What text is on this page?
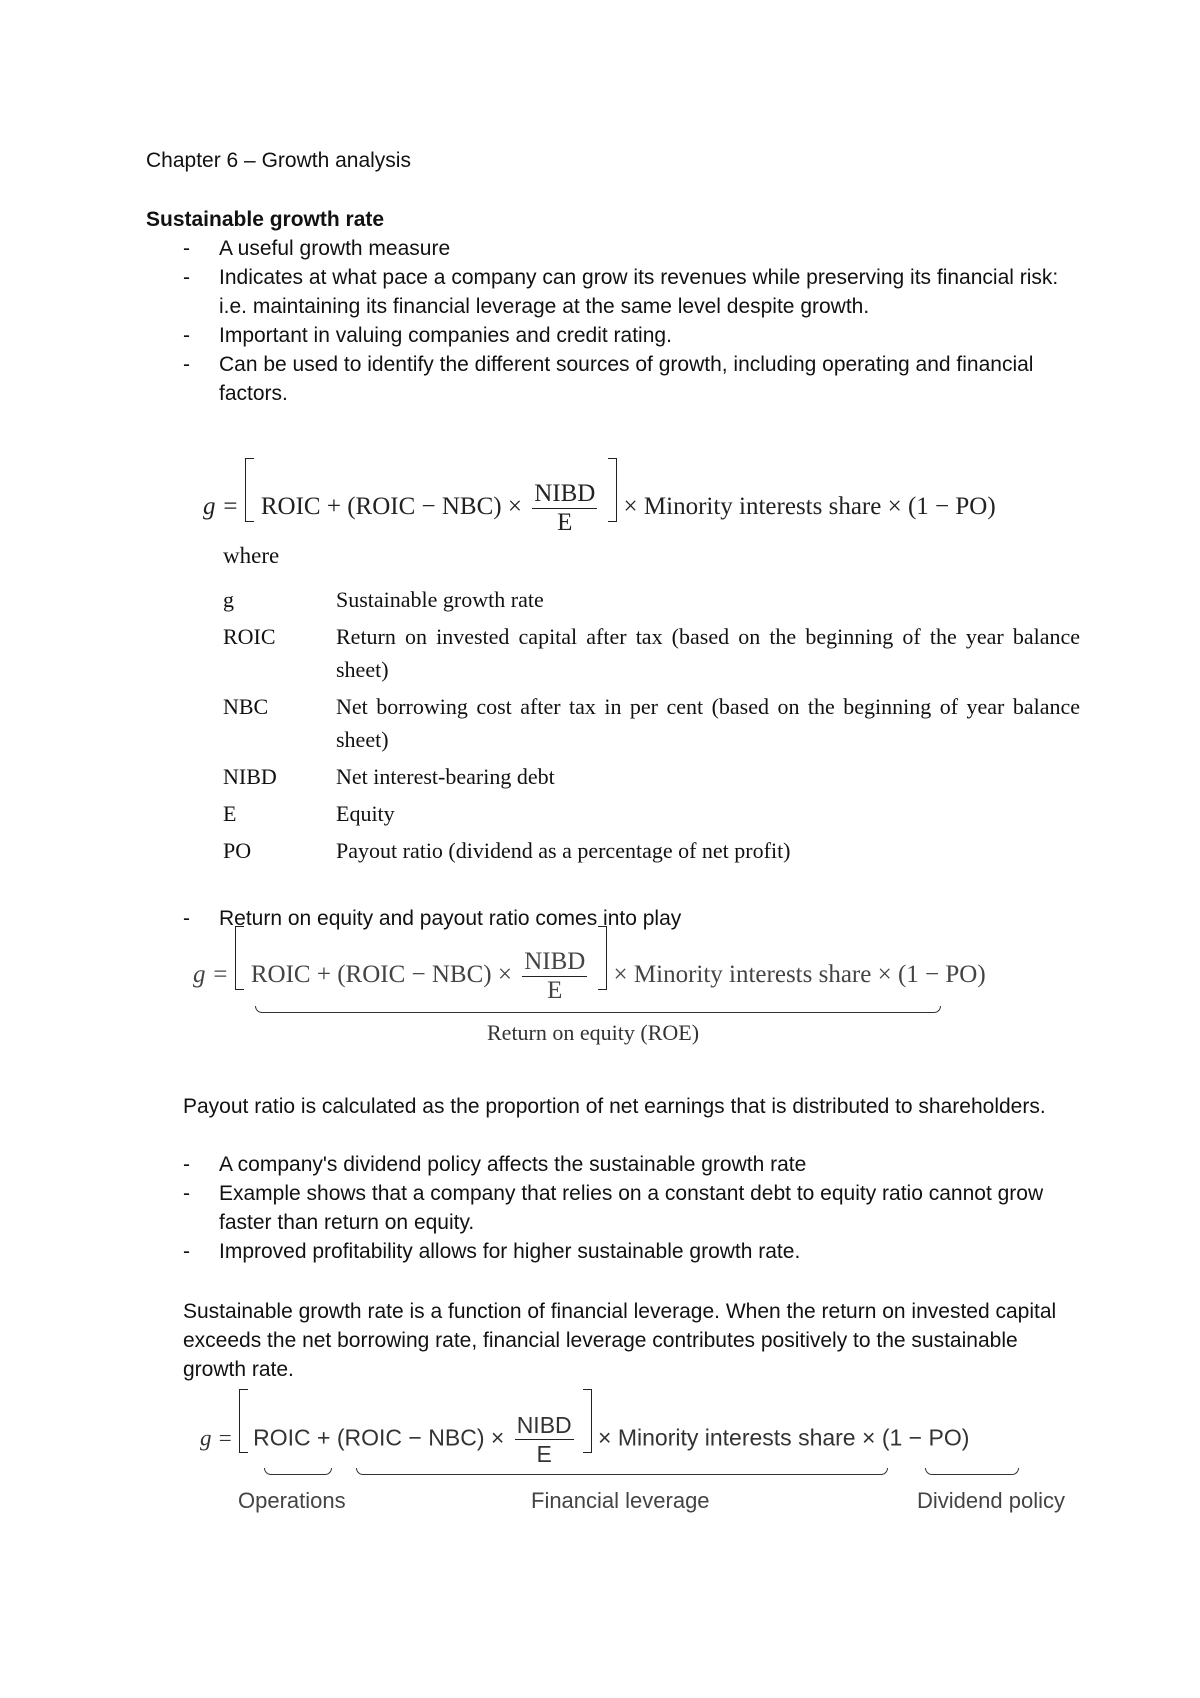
Chapter 6 – Growth analysis
Sustainable growth rate
- A useful growth measure
- Indicates at what pace a company can grow its revenues while preserving its financial risk: i.e. maintaining its financial leverage at the same level despite growth.
- Important in valuing companies and credit rating.
- Can be used to identify the different sources of growth, including operating and financial factors.
g = ROIC + (ROIC − $NBC) \times \frac{\text{NIBD}}{E}$ × Minority interests share × (1 − PO)
where
g	Sustainable growth rate
ROIC	Return on invested capital after tax (based on the beginning of the year balance sheet)
NBC	Net borrowing cost after tax in per cent (based on the beginning of year balance sheet)
NIBD	Net interest-bearing debt
E	Equity
PO	Payout ratio (dividend as a percentage of net profit)
- Return on equity and payout ratio comes into play
g = ROIC + (ROIC − $NBC) \times \frac{\text{NIBD}}{E}$ × Minority interests share × (1 − PO)
Return on equity (ROE)
Payout ratio is calculated as the proportion of net earnings that is distributed to shareholders.
- A company's dividend policy affects the sustainable growth rate
- Example shows that a company that relies on a constant debt to equity ratio cannot grow faster than return on equity.
- Improved profitability allows for higher sustainable growth rate.
Sustainable growth rate is a function of financial leverage. When the return on invested capital exceeds the net borrowing rate, financial leverage contributes positively to the sustainable growth rate.
g = ROIC + (ROIC − $NBC) \times \frac{\text{NIBD}}{E}$ × Minority interests share × (1 − PO)
Operations	Financial leverage	Dividend policy
